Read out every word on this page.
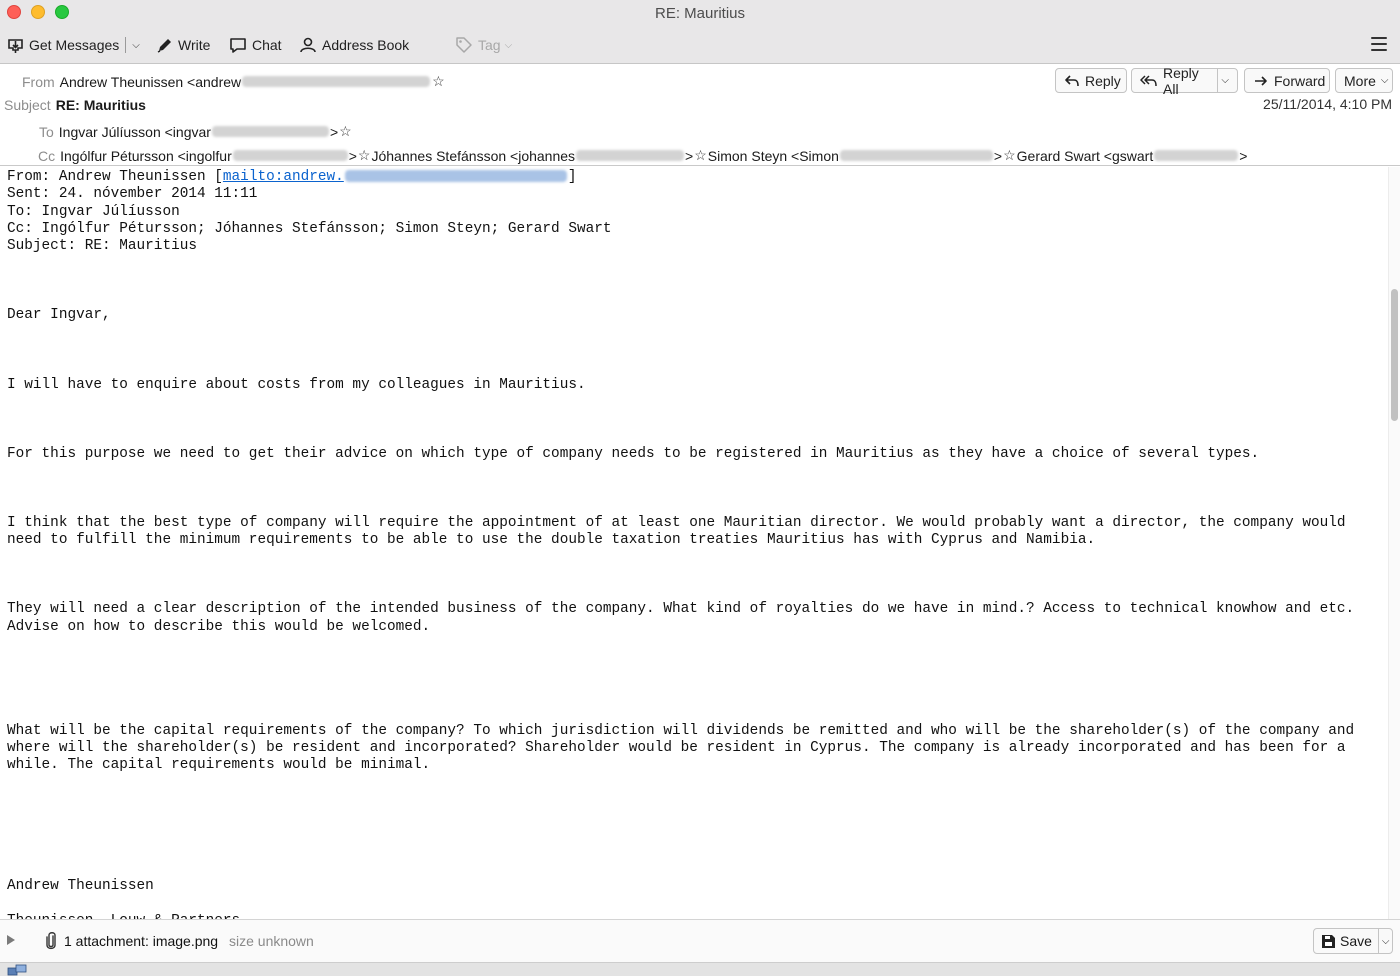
RE: Mauritius
Get Messages ⌵	Write	Chat	Address Book	Tag ⌵
From Andrew Theunissen <andrew	☆
Subject RE: Mauritius
To Ingvar Júlíusson <ingvar	> ☆
Cc Ingólfur Pétursson <ingolfur	> ☆ Jóhannes Stefánsson <johannes	> ☆ Simon Steyn <Simon	> ☆ Gerard Swart <gswart	>
Reply	Reply All	⌵	Forward More ⌵
25/11/2014, 4:10 PM
From: Andrew Theunissen [mailto:andrew.	]
Sent: 24. nóvember 2014 11:11
To: Ingvar Júlíusson
Cc: Ingólfur Pétursson; Jóhannes Stefánsson; Simon Steyn; Gerard Swart
Subject: RE: Mauritius

Dear Ingvar,

I will have to enquire about costs from my colleagues in Mauritius.

For this purpose we need to get their advice on which type of company needs to be registered in Mauritius as they have a choice of several types.

I think that the best type of company will require the appointment of at least one Mauritian director. We would probably want a director, the company would
need to fulfill the minimum requirements to be able to use the double taxation treaties Mauritius has with Cyprus and Namibia.

They will need a clear description of the intended business of the company. What kind of royalties do we have in mind.? Access to technical knowhow and etc.
Advise on how to describe this would be welcomed.

What will be the capital requirements of the company? To which jurisdiction will dividends be remitted and who will be the shareholder(s) of the company and
where will the shareholder(s) be resident and incorporated? Shareholder would be resident in Cyprus. The company is already incorporated and has been for a
while. The capital requirements would be minimal.

Andrew Theunissen

1 attachment: image.png size unknown	Save ⌵
